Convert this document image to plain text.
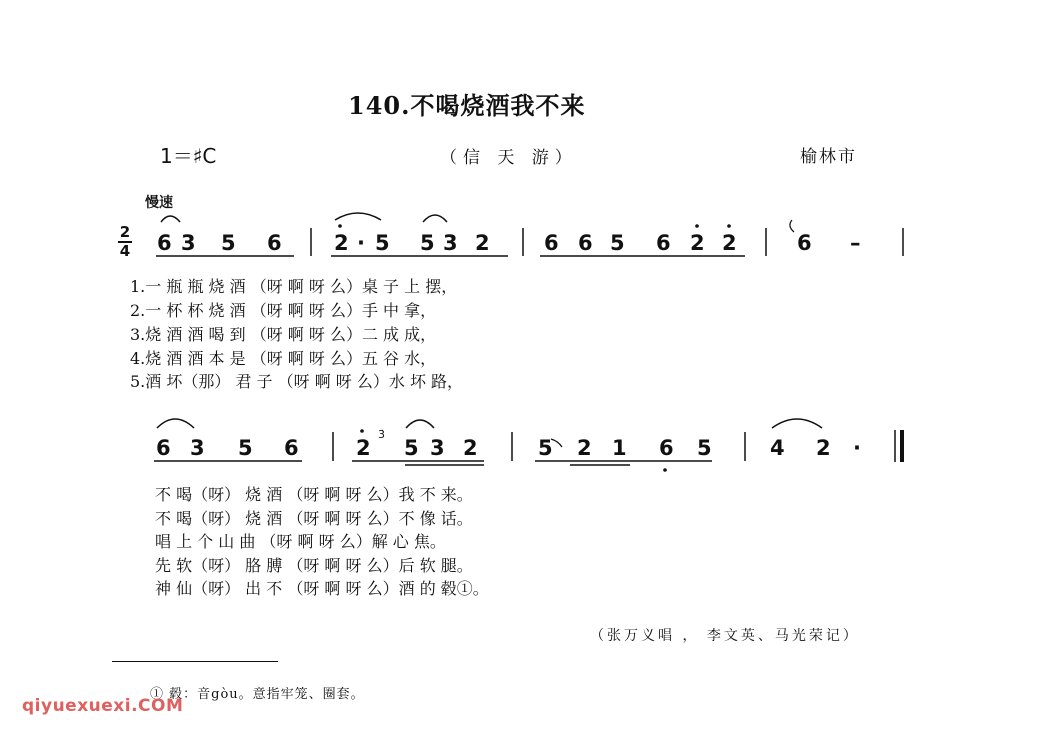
140.不喝烧酒我不来
1＝♯C	（信 天 游）	榆林市
慢速
2
4 6 3 5 6 2 · 5 5 3 2	6 6 5 6 2 2	6 –
6 3 5 6	2 5 3 2	5 2 1 6 5	4 2 ·
3̇
1.一 瓶 瓶 烧 酒 （呀 啊 呀 么）桌 子 上 摆，
2.一 杯 杯 烧 酒 （呀 啊 呀 么）手 中 拿，
3.烧 酒 酒 喝 到 （呀 啊 呀 么）二 成 成，
4.烧 酒 酒 本 是 （呀 啊 呀 么）五 谷 水，
5.酒 坏（那） 君 子 （呀 啊 呀 么）水 坏 路，
不 喝（呀） 烧 酒 （呀 啊 呀 么）我 不 来。
不 喝（呀） 烧 酒 （呀 啊 呀 么）不 像 话。
唱 上 个 山 曲 （呀 啊 呀 么）解 心 焦。
先 软（呀） 胳 膊 （呀 啊 呀 么）后 软 腿。
神 仙（呀） 出 不 （呀 啊 呀 么）酒 的 毂①。
（张万义唱 ， 李文英、马光荣记）
① 毂：音gòu。意指牢笼、圈套。
qiyuexuexi.COM
